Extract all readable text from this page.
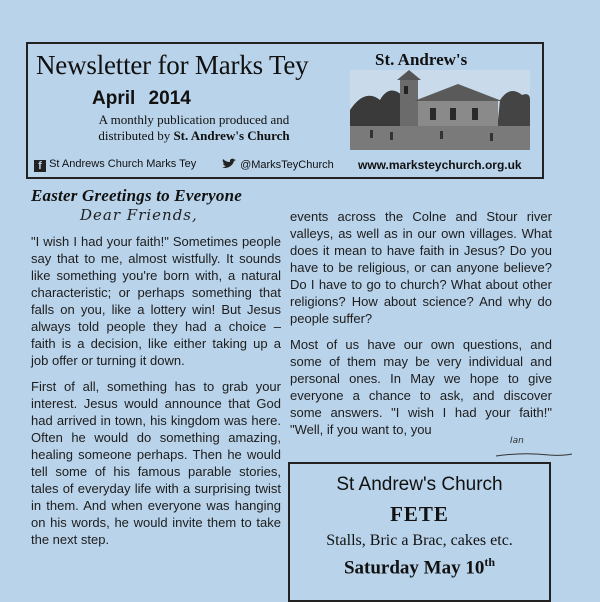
Newsletter for Marks Tey
April 2014
A monthly publication produced and
distributed by St. Andrew's Church
St. Andrew's
f St Andrews Church Marks Tey	@MarksTeyChurch www.marksteychurch.org.uk
Easter Greetings to Everyone
Dear Friends,

"I wish I had your faith!" Sometimes people say that to me, almost wistfully. It sounds like something you're born with, a natural characteristic; or perhaps something that falls on you, like a lottery win! But Jesus always told people they had a choice – faith is a decision, like either taking up a job offer or turning it down.

First of all, something has to grab your interest. Jesus would announce that God had arrived in town, his kingdom was here. Often he would do something amazing, healing someone perhaps. Then he would tell some of his famous parable stories, tales of everyday life with a surprising twist in them. And when everyone was hanging on his words, he would invite them to take the next step.

events across the Colne and Stour river valleys, as well as in our own villages. What does it mean to have faith in Jesus? Do you have to be religious, or can anyone believe? Do I have to go to church? What about other religions? How about science? And why do people suffer?

Most of us have our own questions, and some of them may be very individual and personal ones. In May we hope to give everyone a chance to ask, and discover some answers. "I wish I had your faith!" "Well, if you want to, you

Ian
St Andrew's Church
FETE
Stalls, Bric a Brac, cakes etc.
Saturday May 10th
